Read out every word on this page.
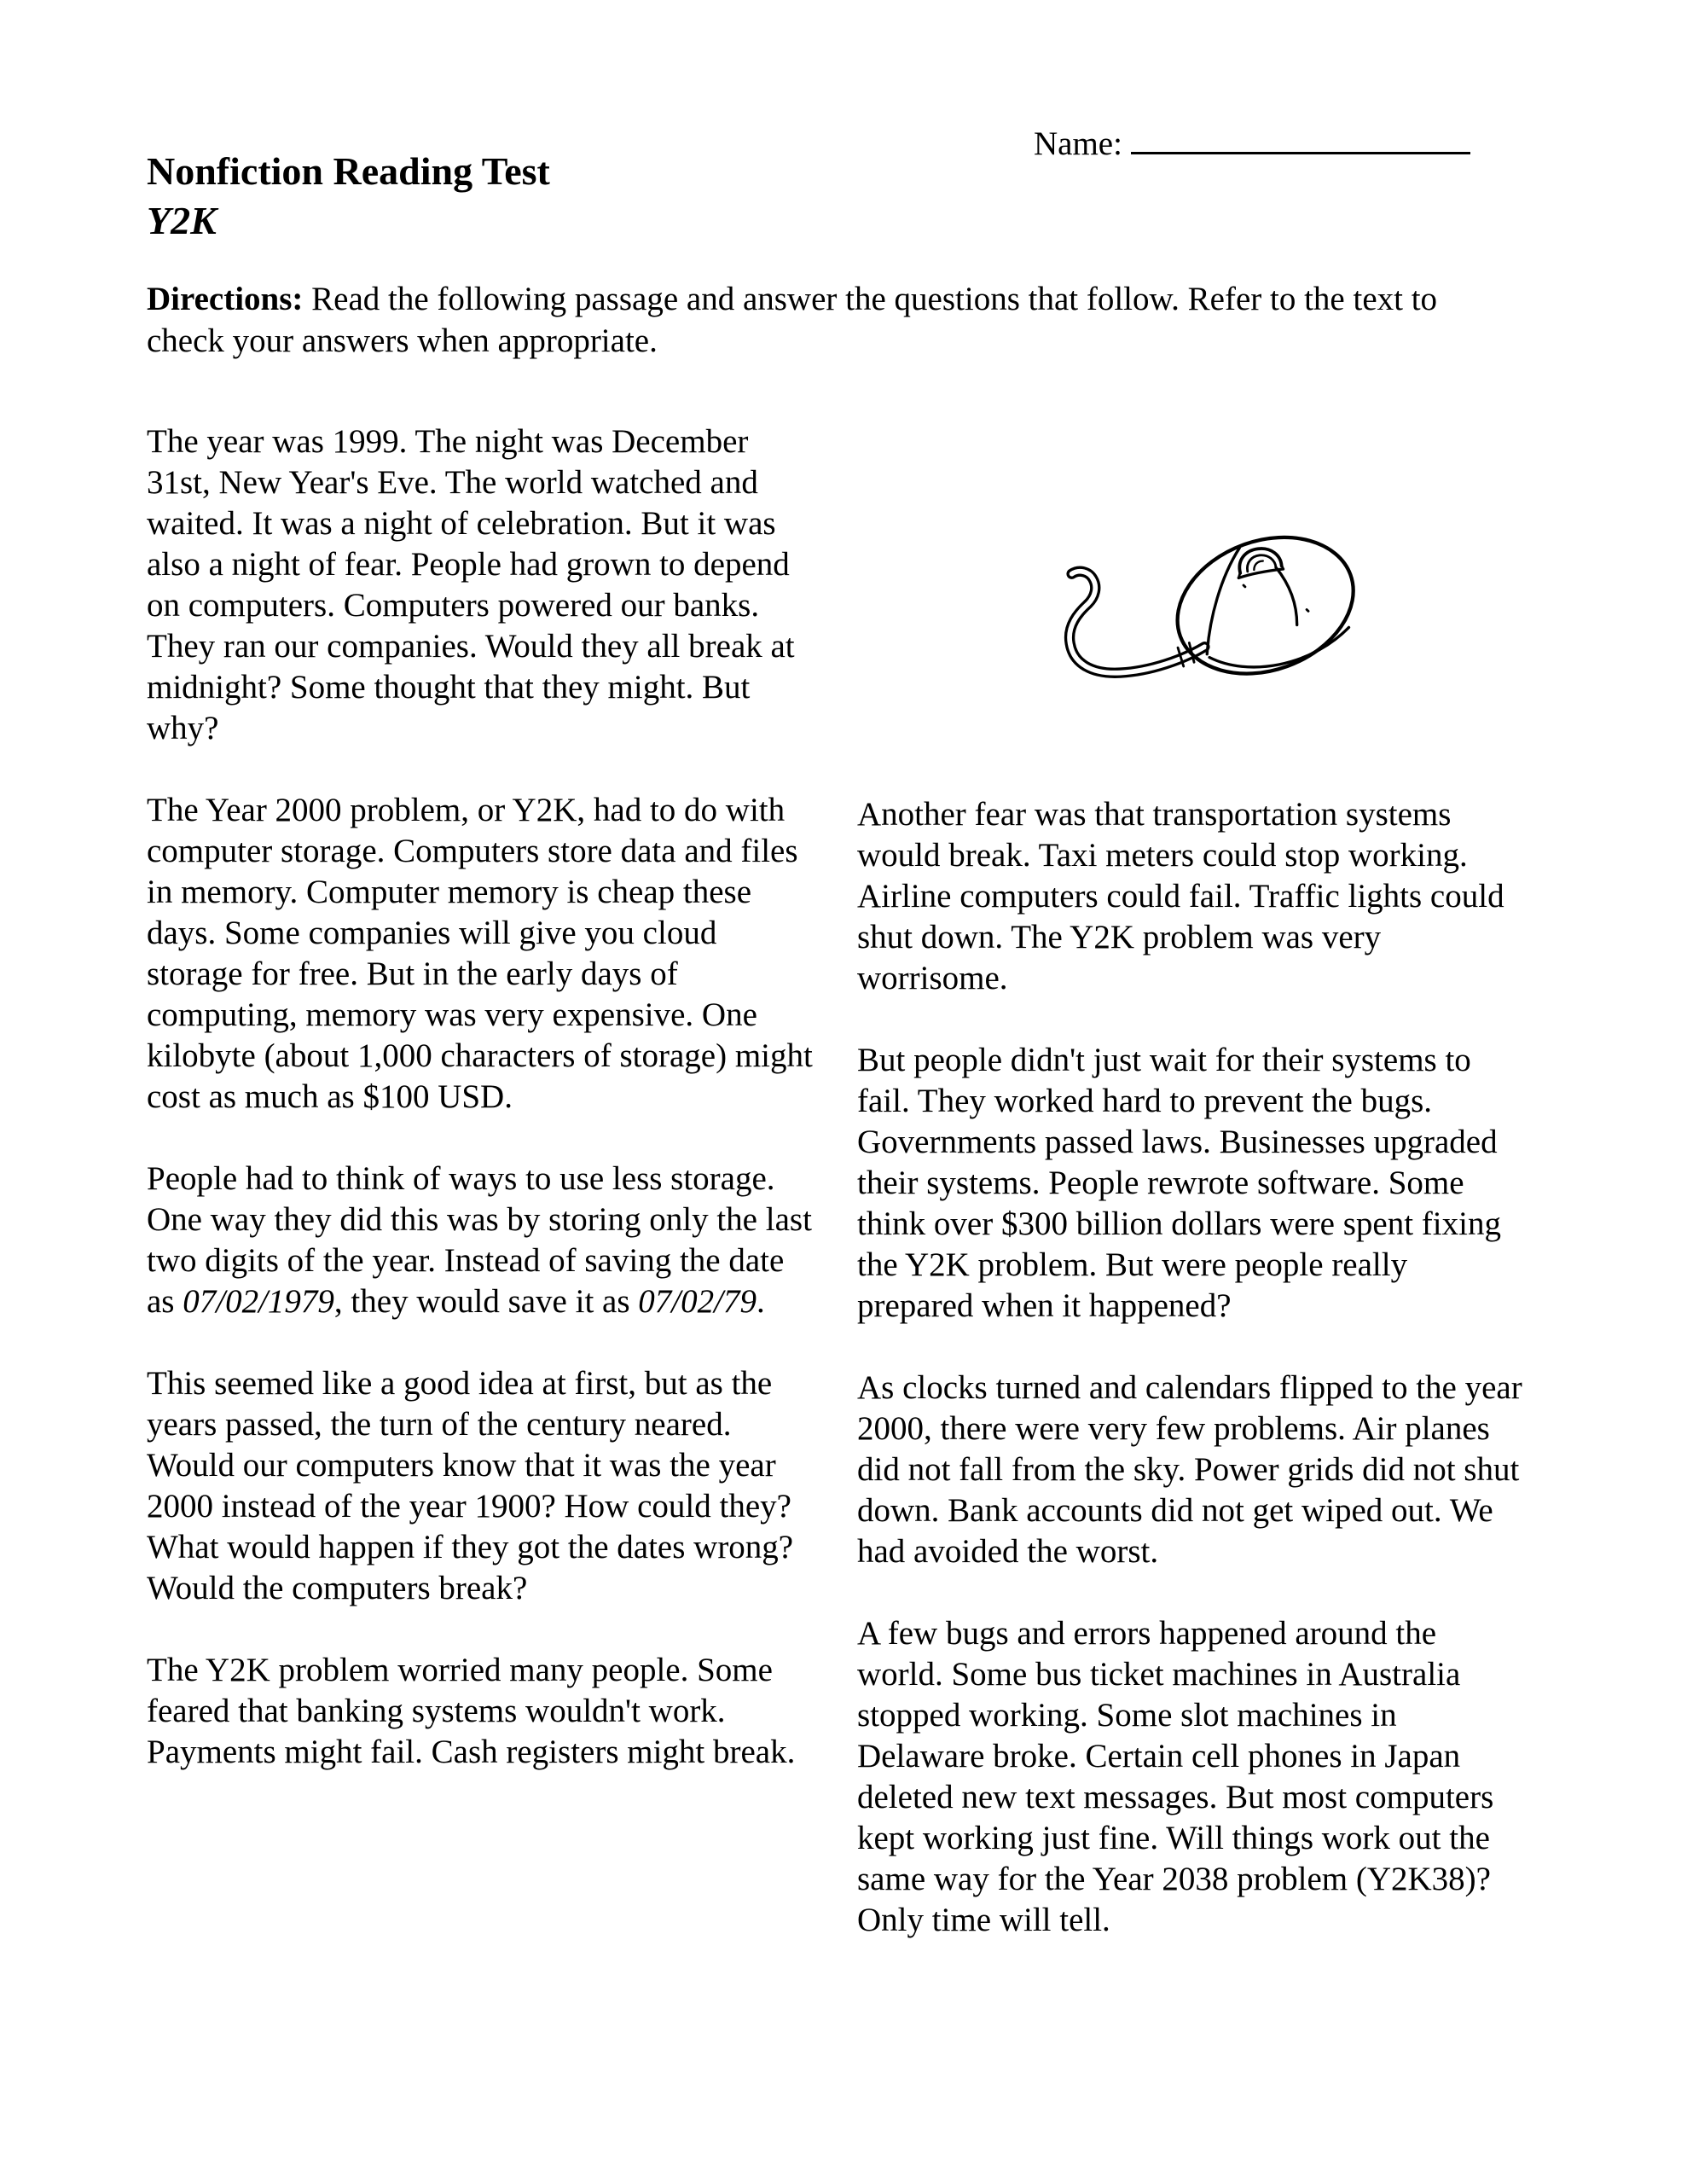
Name:
Nonfiction Reading Test
Y2K
Directions: Read the following passage and answer the questions that follow. Refer to the text to check your answers when appropriate.

The year was 1999. The night was December 31st, New Year's Eve. The world watched and waited. It was a night of celebration. But it was also a night of fear. People had grown to depend on computers. Computers powered our banks. They ran our companies. Would they all break at midnight? Some thought that they might. But why?

The Year 2000 problem, or Y2K, had to do with computer storage. Computers store data and files in memory. Computer memory is cheap these days. Some companies will give you cloud storage for free. But in the early days of computing, memory was very expensive. One kilobyte (about 1,000 characters of storage) might cost as much as $100 USD.

People had to think of ways to use less storage. One way they did this was by storing only the last two digits of the year. Instead of saving the date as 07/02/1979, they would save it as 07/02/79.

This seemed like a good idea at first, but as the years passed, the turn of the century neared. Would our computers know that it was the year 2000 instead of the year 1900? How could they? What would happen if they got the dates wrong? Would the computers break?

The Y2K problem worried many people. Some feared that banking systems wouldn't work. Payments might fail. Cash registers might break.

Another fear was that transportation systems would break. Taxi meters could stop working. Airline computers could fail. Traffic lights could shut down. The Y2K problem was very worrisome.

But people didn't just wait for their systems to fail. They worked hard to prevent the bugs. Governments passed laws. Businesses upgraded their systems. People rewrote software. Some think over $300 billion dollars were spent fixing the Y2K problem. But were people really prepared when it happened?

As clocks turned and calendars flipped to the year 2000, there were very few problems. Air planes did not fall from the sky. Power grids did not shut down. Bank accounts did not get wiped out. We had avoided the worst.

A few bugs and errors happened around the world. Some bus ticket machines in Australia stopped working. Some slot machines in Delaware broke. Certain cell phones in Japan deleted new text messages. But most computers kept working just fine. Will things work out the same way for the Year 2038 problem (Y2K38)? Only time will tell.
